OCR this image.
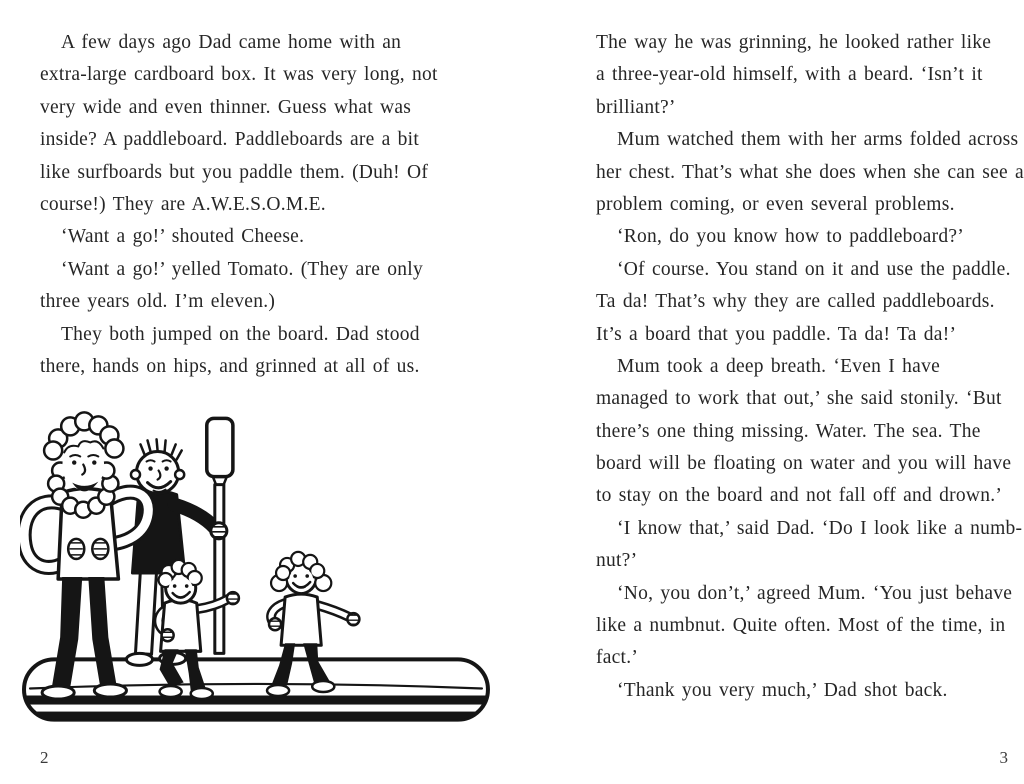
A few days ago Dad came home with an
extra-large cardboard box. It was very long, not
very wide and even thinner. Guess what was
inside? A paddleboard. Paddleboards are a bit
like surfboards but you paddle them. (Duh! Of
course!) They are A.W.E.S.O.M.E.
‘Want a go!’ shouted Cheese.
‘Want a go!’ yelled Tomato. (They are only
three years old. I’m eleven.)
They both jumped on the board. Dad stood
there, hands on hips, and grinned at all of us.
2
The way he was grinning, he looked rather like
a three-year-old himself, with a beard. ‘Isn’t it
brilliant?’
Mum watched them with her arms folded across
her chest. That’s what she does when she can see a
problem coming, or even several problems.
‘Ron, do you know how to paddleboard?’
‘Of course. You stand on it and use the paddle.
Ta da! That’s why they are called paddleboards.
It’s a board that you paddle. Ta da! Ta da!’
Mum took a deep breath. ‘Even I have
managed to work that out,’ she said stonily. ‘But
there’s one thing missing. Water. The sea. The
board will be floating on water and you will have
to stay on the board and not fall off and drown.’
‘I know that,’ said Dad. ‘Do I look like a numb-
nut?’
‘No, you don’t,’ agreed Mum. ‘You just behave
like a numbnut. Quite often. Most of the time, in
fact.’
‘Thank you very much,’ Dad shot back.
3
